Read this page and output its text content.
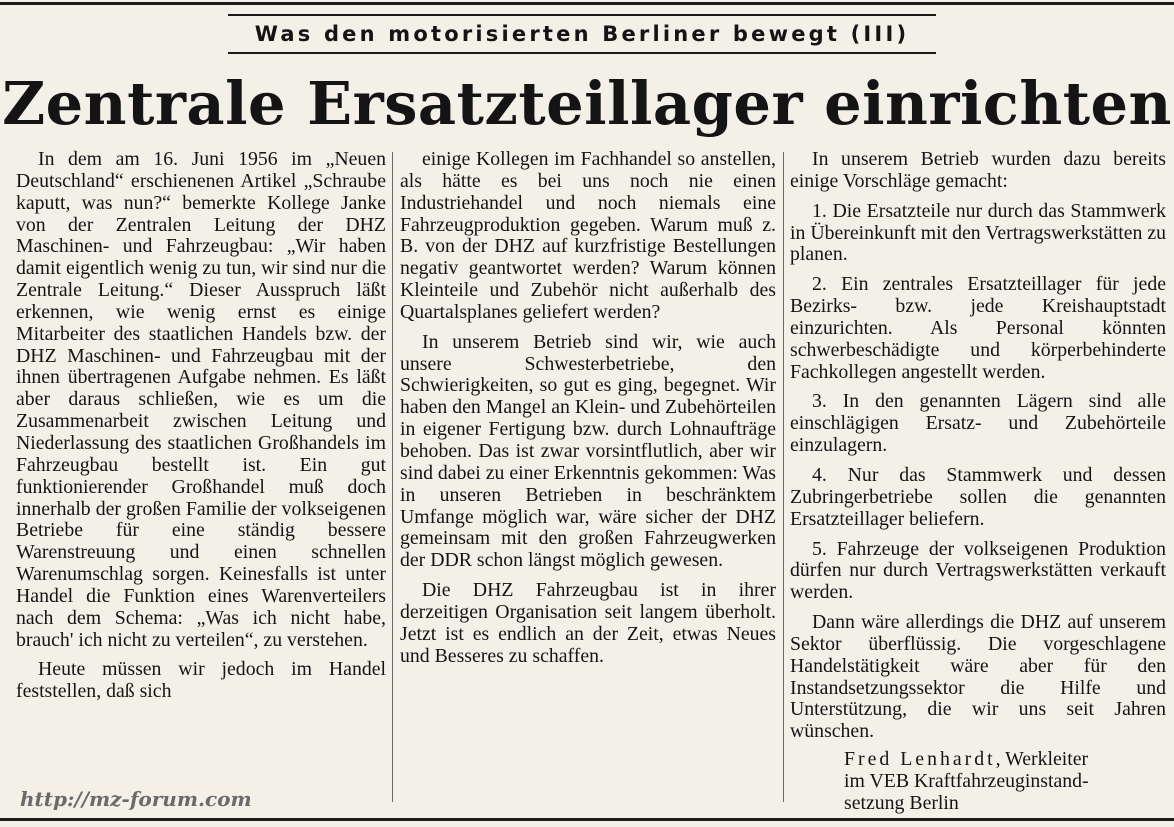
Was den motorisierten Berliner bewegt (III)
Zentrale Ersatzteillager einrichten

In dem am 16. Juni 1956 im „Neuen Deutschland“ erschienenen Artikel „Schraube kaputt, was nun?“ bemerkte Kollege Janke von der Zentralen Leitung der DHZ Maschinen- und Fahrzeugbau: „Wir haben damit eigentlich wenig zu tun, wir sind nur die Zentrale Leitung.“ Dieser Ausspruch läßt erkennen, wie wenig ernst es einige Mitarbeiter des staatlichen Handels bzw. der DHZ Maschinen- und Fahrzeugbau mit der ihnen übertragenen Aufgabe nehmen. Es läßt aber daraus schließen, wie es um die Zusammenarbeit zwischen Leitung und Niederlassung des staatlichen Großhandels im Fahrzeugbau bestellt ist. Ein gut funktionierender Großhandel muß doch innerhalb der großen Familie der volkseigenen Betriebe für eine ständig bessere Warenstreuung und einen schnellen Warenumschlag sorgen. Keinesfalls ist unter Handel die Funktion eines Warenverteilers nach dem Schema: „Was ich nicht habe, brauch' ich nicht zu verteilen“, zu verstehen.

Heute müssen wir jedoch im Handel feststellen, daß sich

einige Kollegen im Fachhandel so anstellen, als hätte es bei uns noch nie einen Industriehandel und noch niemals eine Fahrzeugproduktion gegeben. Warum muß z. B. von der DHZ auf kurzfristige Bestellungen negativ geantwortet werden? Warum können Kleinteile und Zubehör nicht außerhalb des Quartalsplanes geliefert werden?

In unserem Betrieb sind wir, wie auch unsere Schwesterbetriebe, den Schwierigkeiten, so gut es ging, begegnet. Wir haben den Mangel an Klein- und Zubehörteilen in eigener Fertigung bzw. durch Lohnaufträge behoben. Das ist zwar vorsintflutlich, aber wir sind dabei zu einer Erkenntnis gekommen: Was in unseren Betrieben in beschränktem Umfange möglich war, wäre sicher der DHZ gemeinsam mit den großen Fahrzeugwerken der DDR schon längst möglich gewesen.

Die DHZ Fahrzeugbau ist in ihrer derzeitigen Organisation seit langem überholt. Jetzt ist es endlich an der Zeit, etwas Neues und Besseres zu schaffen.

In unserem Betrieb wurden dazu bereits einige Vorschläge gemacht:

1. Die Ersatzteile nur durch das Stammwerk in Übereinkunft mit den Vertragswerkstätten zu planen.

2. Ein zentrales Ersatzteillager für jede Bezirks- bzw. jede Kreishauptstadt einzurichten. Als Personal könnten schwerbeschädigte und körperbehinderte Fachkollegen angestellt werden.

3. In den genannten Lägern sind alle einschlägigen Ersatz- und Zubehörteile einzulagern.

4. Nur das Stammwerk und dessen Zubringerbetriebe sollen die genannten Ersatzteillager beliefern.

5. Fahrzeuge der volkseigenen Produktion dürfen nur durch Vertragswerkstätten verkauft werden.

Dann wäre allerdings die DHZ auf unserem Sektor überflüssig. Die vorgeschlagene Handelstätigkeit wäre aber für den Instandsetzungssektor die Hilfe und Unterstützung, die wir uns seit Jahren wünschen.

Fred Lenhardt, Werkleiter
im VEB Kraftfahrzeuginstand-
setzung Berlin

http://mz-forum.com
